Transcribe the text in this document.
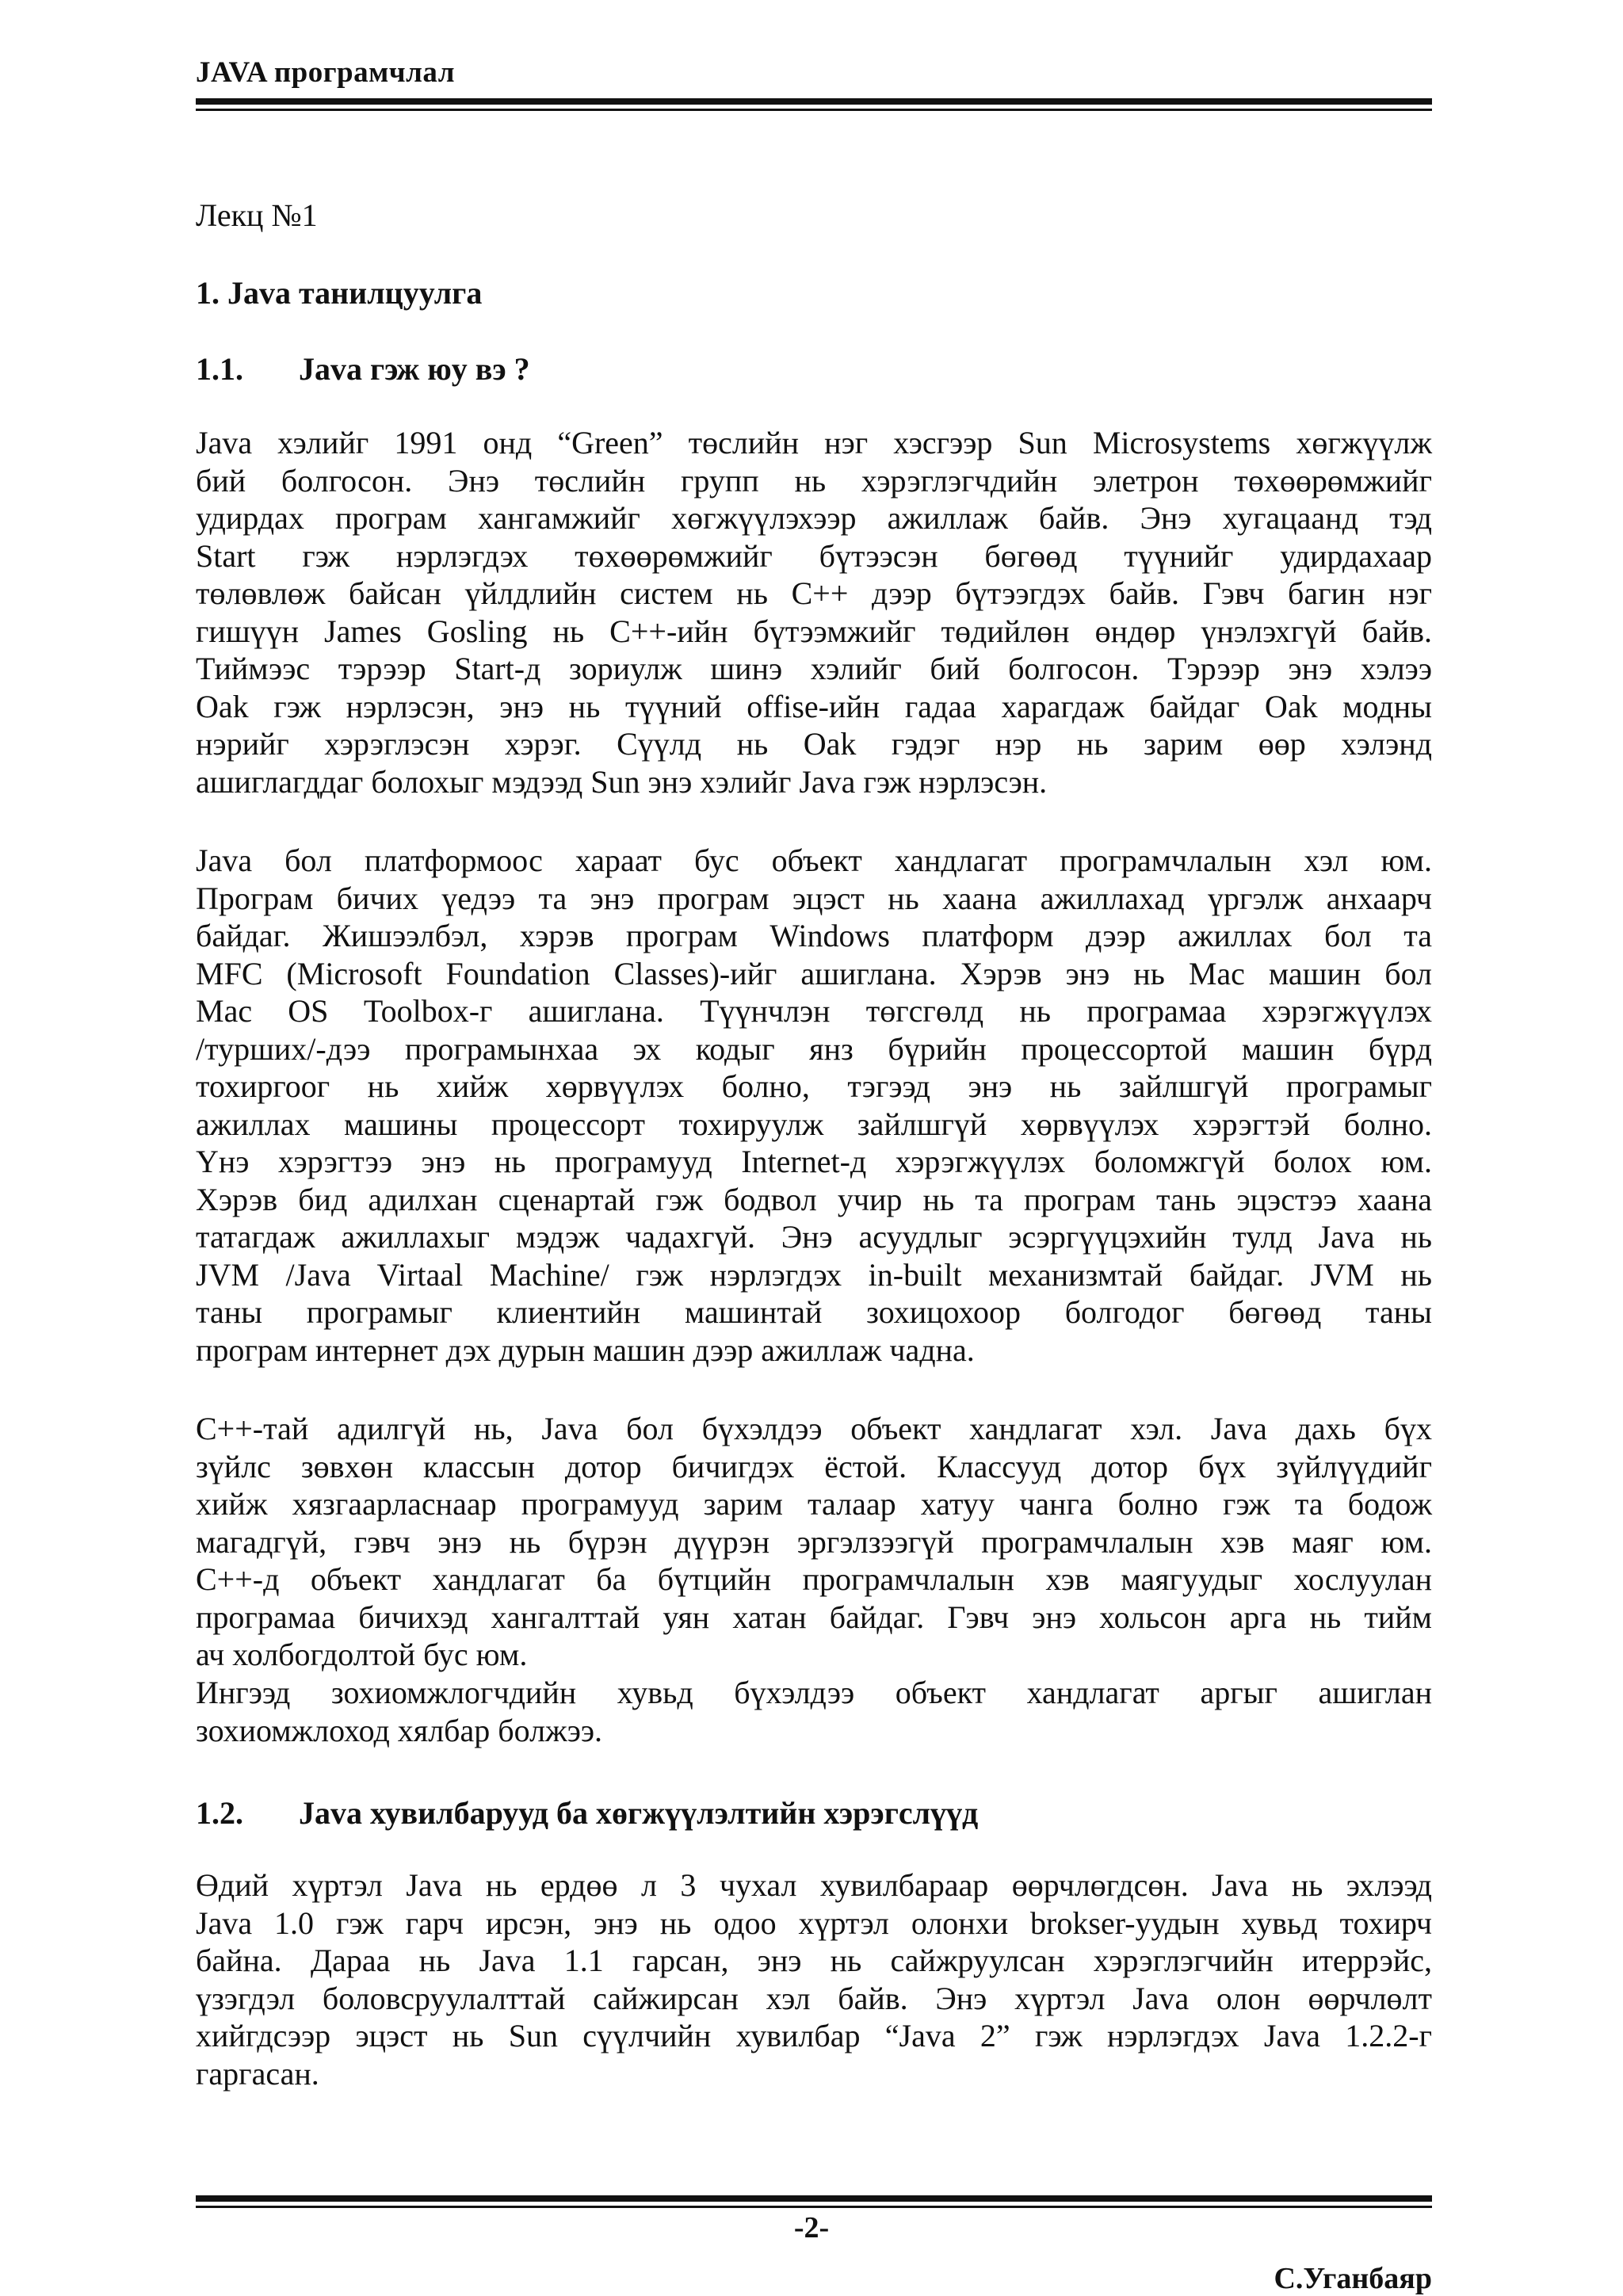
JAVA програмчлал
Лекц №1
1. Java танилцуулга
1.1. Java гэж юу вэ ?
Java хэлийг 1991 онд “Green” төслийн нэг хэсгээр Sun Microsystems хөгжүүлж
бий болгосон. Энэ төслийн групп нь хэрэглэгчдийн элетрон төхөөрөмжийг
удирдах програм хангамжийг хөгжүүлэхээр ажиллаж байв. Энэ хугацаанд тэд
Start гэж нэрлэгдэх төхөөрөмжийг бүтээсэн бөгөөд түүнийг удирдахаар
төлөвлөж байсан үйлдлийн систем нь C++ дээр бүтээгдэх байв. Гэвч багин нэг
гишүүн James Gosling нь C++-ийн бүтээмжийг төдийлөн өндөр үнэлэхгүй байв.
Тиймээс тэрээр Start-д зориулж шинэ хэлийг бий болгосон. Тэрээр энэ хэлээ
Oak гэж нэрлэсэн, энэ нь түүний offise-ийн гадаа харагдаж байдаг Oak модны
нэрийг хэрэглэсэн хэрэг. Сүүлд нь Oak гэдэг нэр нь зарим өөр хэлэнд
ашиглагддаг болохыг мэдээд Sun энэ хэлийг Java гэж нэрлэсэн.
Java бол платформоос хараат бус объект хандлагат програмчлалын хэл юм.
Програм бичих үедээ та энэ програм эцэст нь хаана ажиллахад үргэлж анхаарч
байдаг. Жишээлбэл, хэрэв програм Windows платформ дээр ажиллах бол та
MFC (Microsoft Foundation Classes)-ийг ашиглана. Хэрэв энэ нь Mac машин бол
Mac OS Toolbox-г ашиглана. Түүнчлэн төгсгөлд нь програмаа хэрэгжүүлэх
/турших/-дээ програмынхаа эх кодыг янз бүрийн процессортой машин бүрд
тохиргоог нь хийж хөрвүүлэх болно, тэгээд энэ нь зайлшгүй програмыг
ажиллах машины процессорт тохируулж зайлшгүй хөрвүүлэх хэрэгтэй болно.
Үнэ хэрэгтээ энэ нь програмууд Internet-д хэрэгжүүлэх боломжгүй болох юм.
Хэрэв бид адилхан сценартай гэж бодвол учир нь та програм тань эцэстээ хаана
татагдаж ажиллахыг мэдэж чадахгүй. Энэ асуудлыг эсэргүүцэхийн тулд Java нь
JVM /Java Virtaal Machine/ гэж нэрлэгдэх in-built механизмтай байдаг. JVM нь
таны програмыг клиентийн машинтай зохицохоор болгодог бөгөөд таны
програм интернет дэх дурын машин дээр ажиллаж чадна.
C++-тай адилгүй нь, Java бол бүхэлдээ объект хандлагат хэл. Java дахь бүх
зүйлс зөвхөн классын дотор бичигдэх ёстой. Классууд дотор бүх зүйлүүдийг
хийж хязгаарласнаар програмууд зарим талаар хатуу чанга болно гэж та бодож
магадгүй, гэвч энэ нь бүрэн дүүрэн эргэлзээгүй програмчлалын хэв маяг юм.
C++-д объект хандлагат ба бүтцийн програмчлалын хэв маягуудыг хослуулан
програмаа бичихэд хангалттай уян хатан байдаг. Гэвч энэ хольсон арга нь тийм
ач холбогдолтой бус юм.
Ингээд зохиомжлогчдийн хувьд бүхэлдээ объект хандлагат аргыг ашиглан
зохиомжлоход хялбар болжээ.
1.2. Java хувилбарууд ба хөгжүүлэлтийн хэрэгслүүд
Өдий хүртэл Java нь ердөө л 3 чухал хувилбараар өөрчлөгдсөн. Java нь эхлээд
Java 1.0 гэж гарч ирсэн, энэ нь одоо хүртэл олонхи brokser-уудын хувьд тохирч
байна. Дараа нь Java 1.1 гарсан, энэ нь сайжруулсан хэрэглэгчийн итеррэйс,
үзэгдэл боловсруулалттай сайжирсан хэл байв. Энэ хүртэл Java олон өөрчлөлт
хийгдсээр эцэст нь Sun сүүлчийн хувилбар “Java 2” гэж нэрлэгдэх Java 1.2.2-г
гаргасан.
-2-
С.Уганбаяр
